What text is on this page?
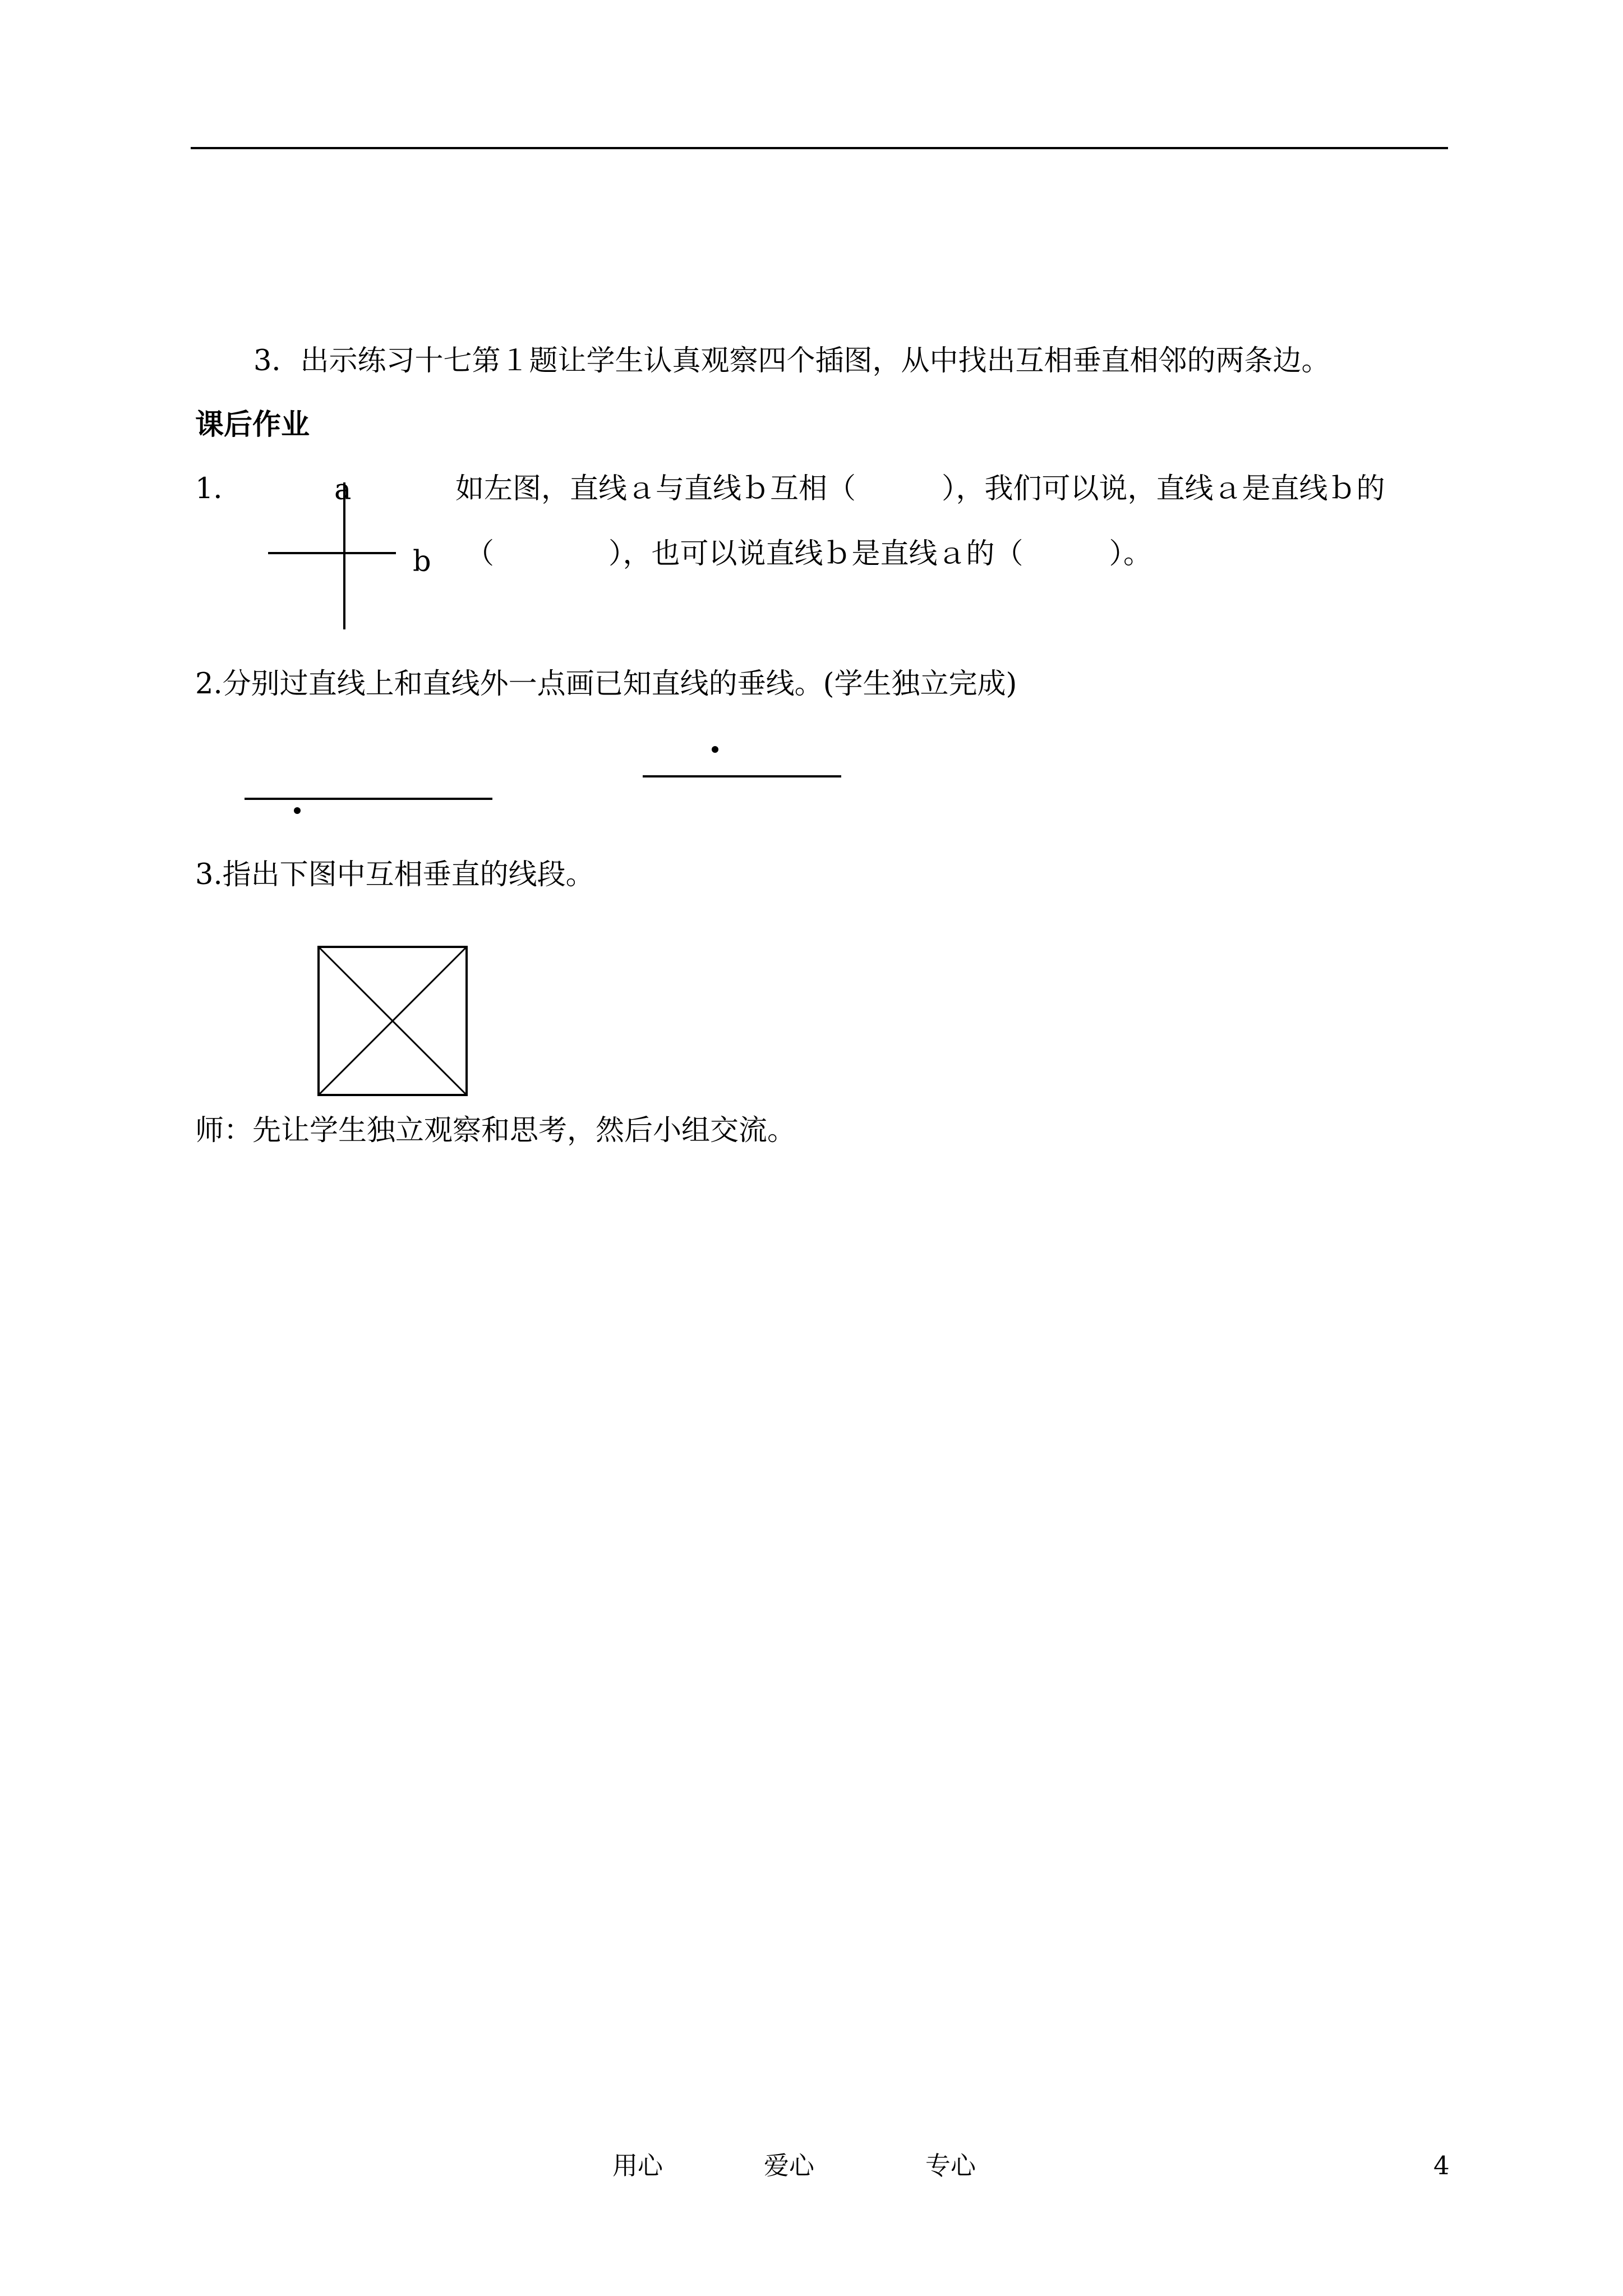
3．出示练习十七第１题让学生认真观察四个插图，从中找出互相垂直相邻的两条边。
课后作业
1．	a
b
如左图，直线ａ与直线ｂ互相（　　　），我们可以说，直线ａ是直线ｂ的
（　　　　），也可以说直线ｂ是直线ａ的（　　　）。
2.分别过直线上和直线外一点画已知直线的垂线。(学生独立完成)
3.指出下图中互相垂直的线段。
师：先让学生独立观察和思考，然后小组交流。
用心	爱心	专心	4
